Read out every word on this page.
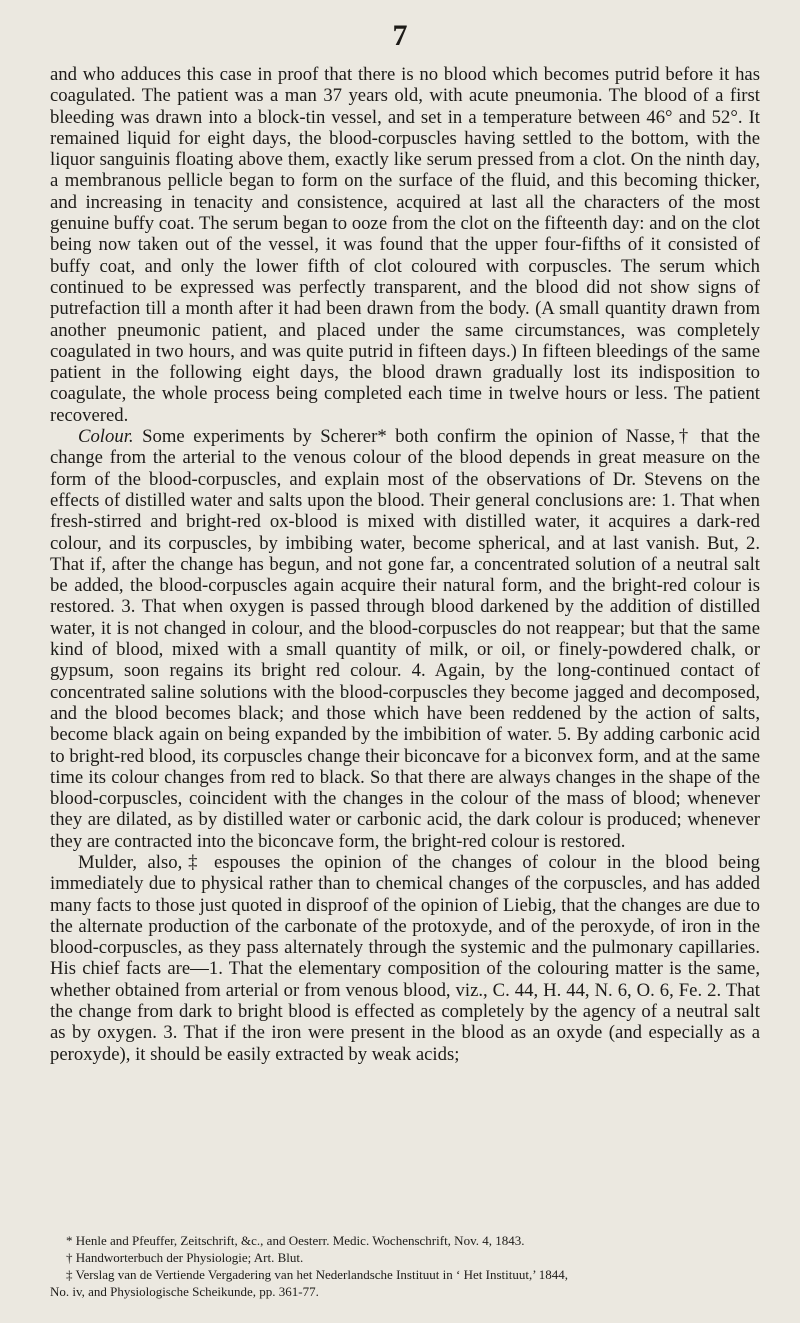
7

and who adduces this case in proof that there is no blood which becomes putrid before it has coagulated. The patient was a man 37 years old, with acute pneumonia. The blood of a first bleeding was drawn into a block-tin vessel, and set in a temperature between 46° and 52°. It remained liquid for eight days, the blood-corpuscles having settled to the bottom, with the liquor sanguinis floating above them, exactly like serum pressed from a clot. On the ninth day, a membranous pellicle began to form on the surface of the fluid, and this becoming thicker, and increasing in tenacity and consistence, acquired at last all the characters of the most genuine buffy coat. The serum began to ooze from the clot on the fifteenth day: and on the clot being now taken out of the vessel, it was found that the upper four-fifths of it consisted of buffy coat, and only the lower fifth of clot coloured with corpuscles. The serum which continued to be expressed was perfectly transparent, and the blood did not show signs of putrefaction till a month after it had been drawn from the body. (A small quantity drawn from another pneumonic patient, and placed under the same circumstances, was completely coagulated in two hours, and was quite putrid in fifteen days.) In fifteen bleedings of the same patient in the following eight days, the blood drawn gradually lost its indisposition to coagulate, the whole process being completed each time in twelve hours or less. The patient recovered.

Colour. Some experiments by Scherer* both confirm the opinion of Nasse,† that the change from the arterial to the venous colour of the blood depends in great measure on the form of the blood-corpuscles, and explain most of the observations of Dr. Stevens on the effects of distilled water and salts upon the blood. Their general conclusions are: 1. That when fresh-stirred and bright-red ox-blood is mixed with distilled water, it acquires a dark-red colour, and its corpuscles, by imbibing water, become spherical, and at last vanish. But, 2. That if, after the change has begun, and not gone far, a concentrated solution of a neutral salt be added, the blood-corpuscles again acquire their natural form, and the bright-red colour is restored. 3. That when oxygen is passed through blood darkened by the addition of distilled water, it is not changed in colour, and the blood-corpuscles do not reappear; but that the same kind of blood, mixed with a small quantity of milk, or oil, or finely-powdered chalk, or gypsum, soon regains its bright red colour. 4. Again, by the long-continued contact of concentrated saline solutions with the blood-corpuscles they become jagged and decomposed, and the blood becomes black; and those which have been reddened by the action of salts, become black again on being expanded by the imbibition of water. 5. By adding carbonic acid to bright-red blood, its corpuscles change their biconcave for a biconvex form, and at the same time its colour changes from red to black. So that there are always changes in the shape of the blood-corpuscles, coincident with the changes in the colour of the mass of blood; whenever they are dilated, as by distilled water or carbonic acid, the dark colour is produced; whenever they are contracted into the biconcave form, the bright-red colour is restored.

Mulder, also,‡ espouses the opinion of the changes of colour in the blood being immediately due to physical rather than to chemical changes of the corpuscles, and has added many facts to those just quoted in disproof of the opinion of Liebig, that the changes are due to the alternate production of the carbonate of the protoxyde, and of the peroxyde, of iron in the blood-corpuscles, as they pass alternately through the systemic and the pulmonary capillaries. His chief facts are—1. That the elementary composition of the colouring matter is the same, whether obtained from arterial or from venous blood, viz., C. 44, H. 44, N. 6, O. 6, Fe. 2. That the change from dark to bright blood is effected as completely by the agency of a neutral salt as by oxygen. 3. That if the iron were present in the blood as an oxyde (and especially as a peroxyde), it should be easily extracted by weak acids;

* Henle and Pfeuffer, Zeitschrift, &c., and Oesterr. Medic. Wochenschrift, Nov. 4, 1843.

† Handworterbuch der Physiologie; Art. Blut.

‡ Verslag van de Vertiende Vergadering van het Nederlandsche Instituut in ‘ Het Instituut,’ 1844,

No. iv, and Physiologische Scheikunde, pp. 361-77.
